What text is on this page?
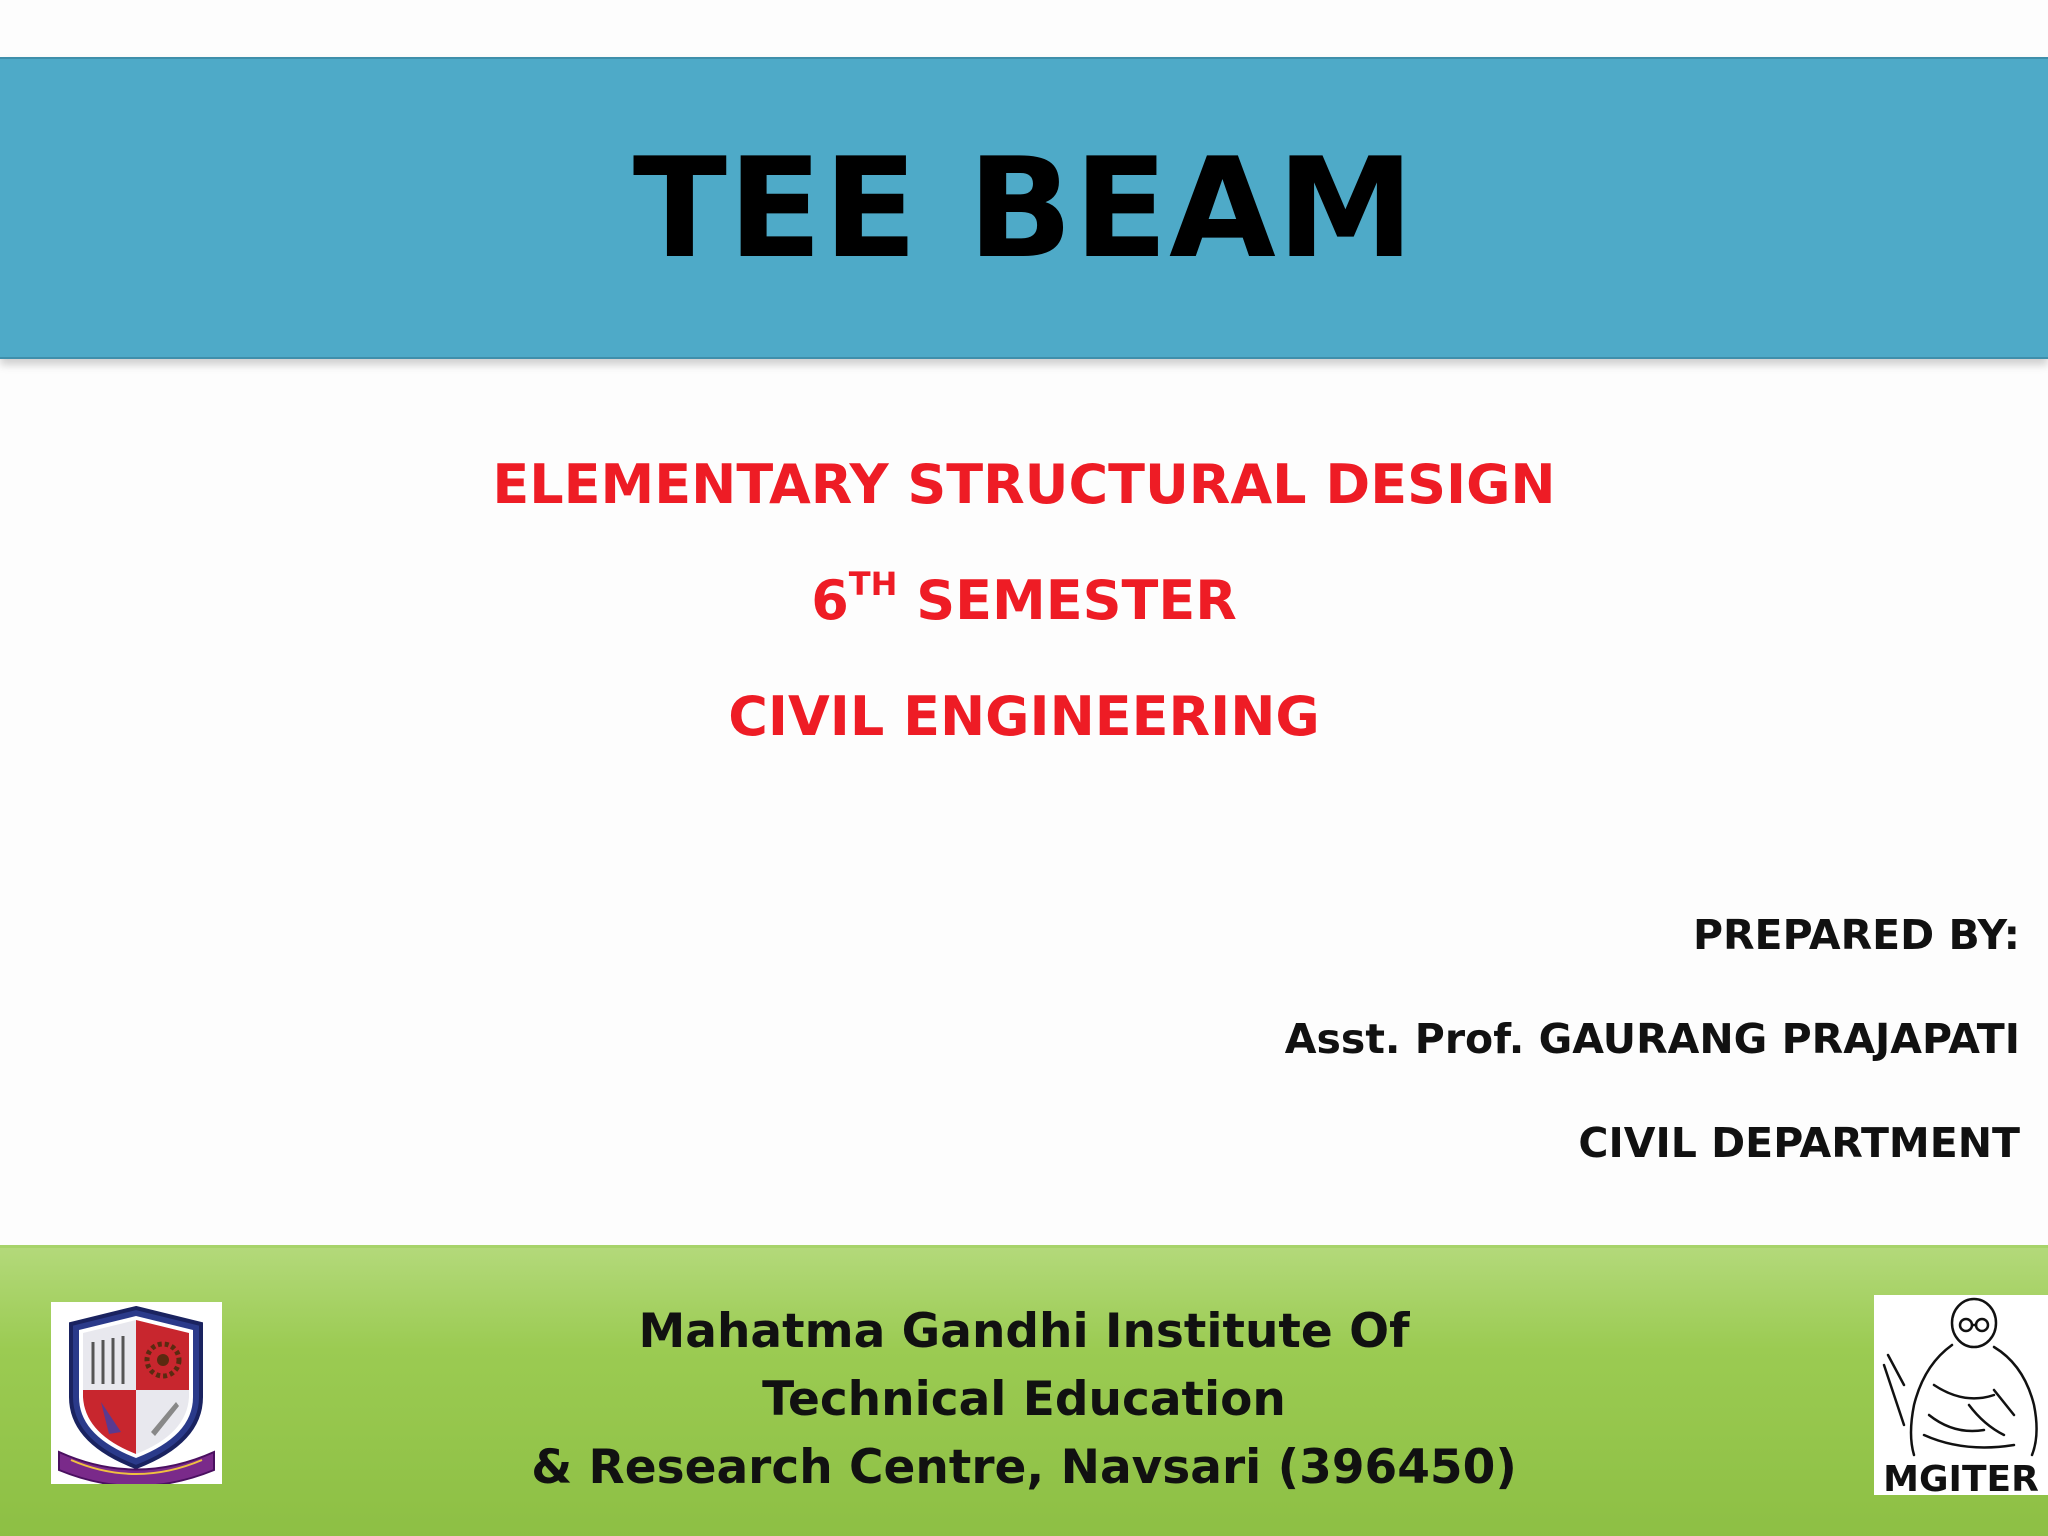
TEE BEAM
ELEMENTARY STRUCTURAL DESIGN
6TH SEMESTER
CIVIL ENGINEERING
PREPARED BY:
Asst. Prof. GAURANG PRAJAPATI
CIVIL DEPARTMENT
Mahatma Gandhi Institute Of
Technical Education
& Research Centre, Navsari (396450)	MGITER
